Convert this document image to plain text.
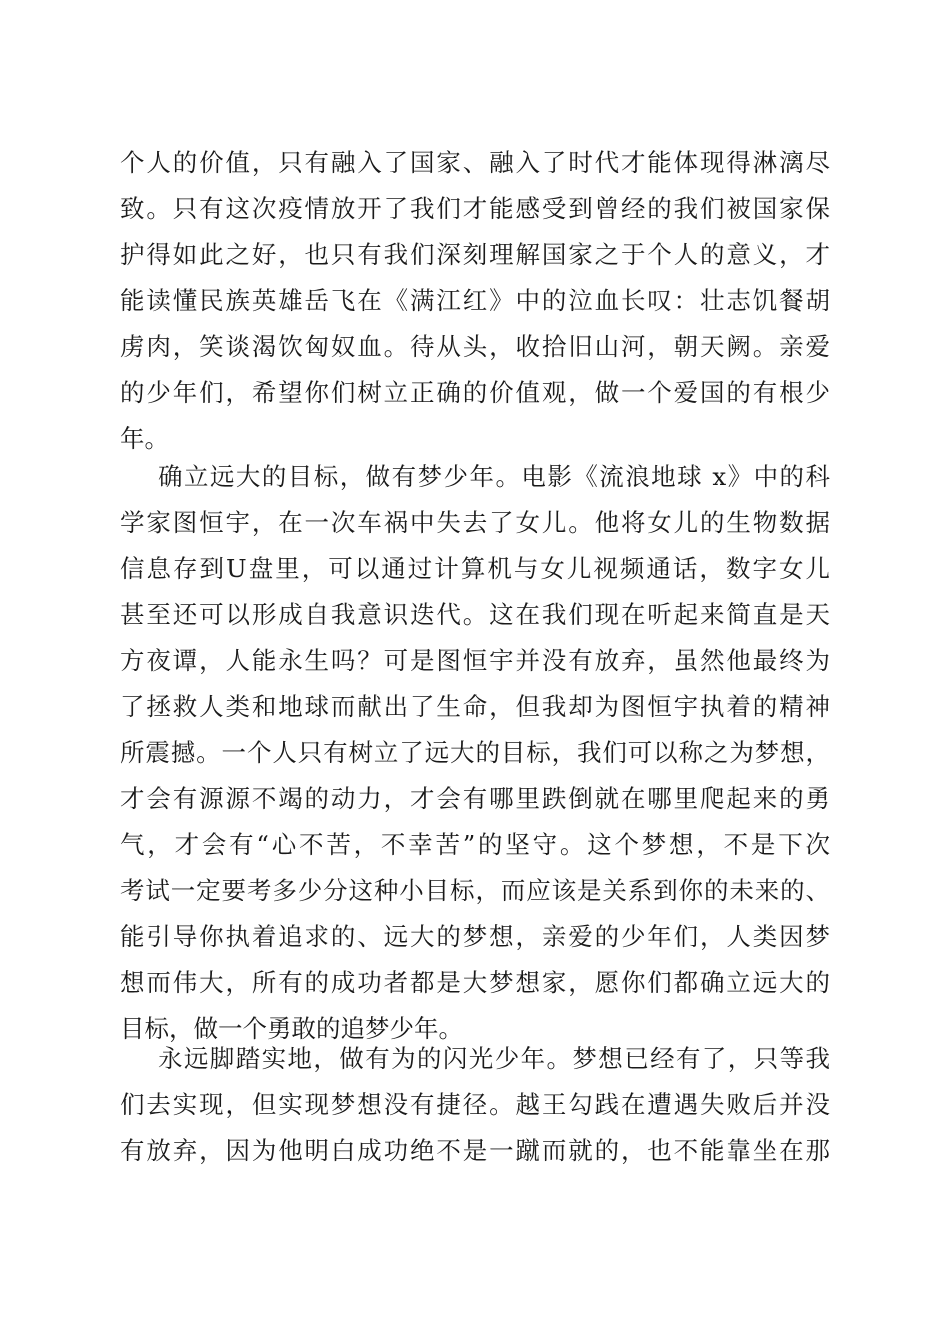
个人的价值，只有融入了国家、融入了时代才能体现得淋漓尽
致。只有这次疫情放开了我们才能感受到曾经的我们被国家保
护得如此之好，也只有我们深刻理解国家之于个人的意义，才
能读懂民族英雄岳飞在《满江红》中的泣血长叹：壮志饥餐胡
虏肉，笑谈渴饮匈奴血。待从头，收拾旧山河，朝天阙。亲爱
的少年们，希望你们树立正确的价值观，做一个爱国的有根少
年。
确立远大的目标，做有梦少年。电影《流浪地球 x》中的科
学家图恒宇，在一次车祸中失去了女儿。他将女儿的生物数据
信息存到U盘里，可以通过计算机与女儿视频通话，数字女儿
甚至还可以形成自我意识迭代。这在我们现在听起来简直是天
方夜谭，人能永生吗？可是图恒宇并没有放弃，虽然他最终为
了拯救人类和地球而献出了生命，但我却为图恒宇执着的精神
所震撼。一个人只有树立了远大的目标，我们可以称之为梦想，
才会有源源不竭的动力，才会有哪里跌倒就在哪里爬起来的勇
气，才会有“心不苦，不幸苦”的坚守。这个梦想，不是下次
考试一定要考多少分这种小目标，而应该是关系到你的未来的、
能引导你执着追求的、远大的梦想，亲爱的少年们，人类因梦
想而伟大，所有的成功者都是大梦想家，愿你们都确立远大的
目标，做一个勇敢的追梦少年。
永远脚踏实地，做有为的闪光少年。梦想已经有了，只等我
们去实现，但实现梦想没有捷径。越王勾践在遭遇失败后并没
有放弃，因为他明白成功绝不是一蹴而就的，也不能靠坐在那
